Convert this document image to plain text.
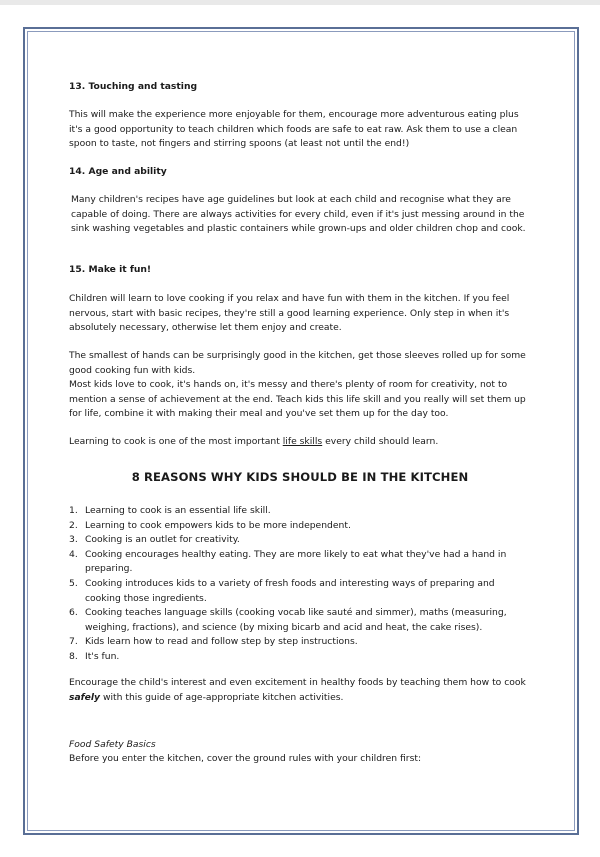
13. Touching and tasting

This will make the experience more enjoyable for them, encourage more adventurous eating plus it's a good opportunity to teach children which foods are safe to eat raw. Ask them to use a clean spoon to taste, not fingers and stirring spoons (at least not until the end!)

14. Age and ability

Many children's recipes have age guidelines but look at each child and recognise what they are capable of doing. There are always activities for every child, even if it's just messing around in the sink washing vegetables and plastic containers while grown-ups and older children chop and cook.

15. Make it fun!

Children will learn to love cooking if you relax and have fun with them in the kitchen. If you feel nervous, start with basic recipes, they're still a good learning experience. Only step in when it's absolutely necessary, otherwise let them enjoy and create.

The smallest of hands can be surprisingly good in the kitchen, get those sleeves rolled up for some good cooking fun with kids.
Most kids love to cook, it's hands on, it's messy and there's plenty of room for creativity, not to mention a sense of achievement at the end. Teach kids this life skill and you really will set them up for life, combine it with making their meal and you've set them up for the day too.

Learning to cook is one of the most important life skills every child should learn.

8 REASONS WHY KIDS SHOULD BE IN THE KITCHEN
1. Learning to cook is an essential life skill.
2. Learning to cook empowers kids to be more independent.
3. Cooking is an outlet for creativity.
4. Cooking encourages healthy eating. They are more likely to eat what they've had a hand in preparing.
5. Cooking introduces kids to a variety of fresh foods and interesting ways of preparing and cooking those ingredients.
6. Cooking teaches language skills (cooking vocab like sauté and simmer), maths (measuring, weighing, fractions), and science (by mixing bicarb and acid and heat, the cake rises).
7. Kids learn how to read and follow step by step instructions.
8. It's fun.

Encourage the child's interest and even excitement in healthy foods by teaching them how to cook safely with this guide of age-appropriate kitchen activities.

Food Safety Basics

Before you enter the kitchen, cover the ground rules with your children first:
